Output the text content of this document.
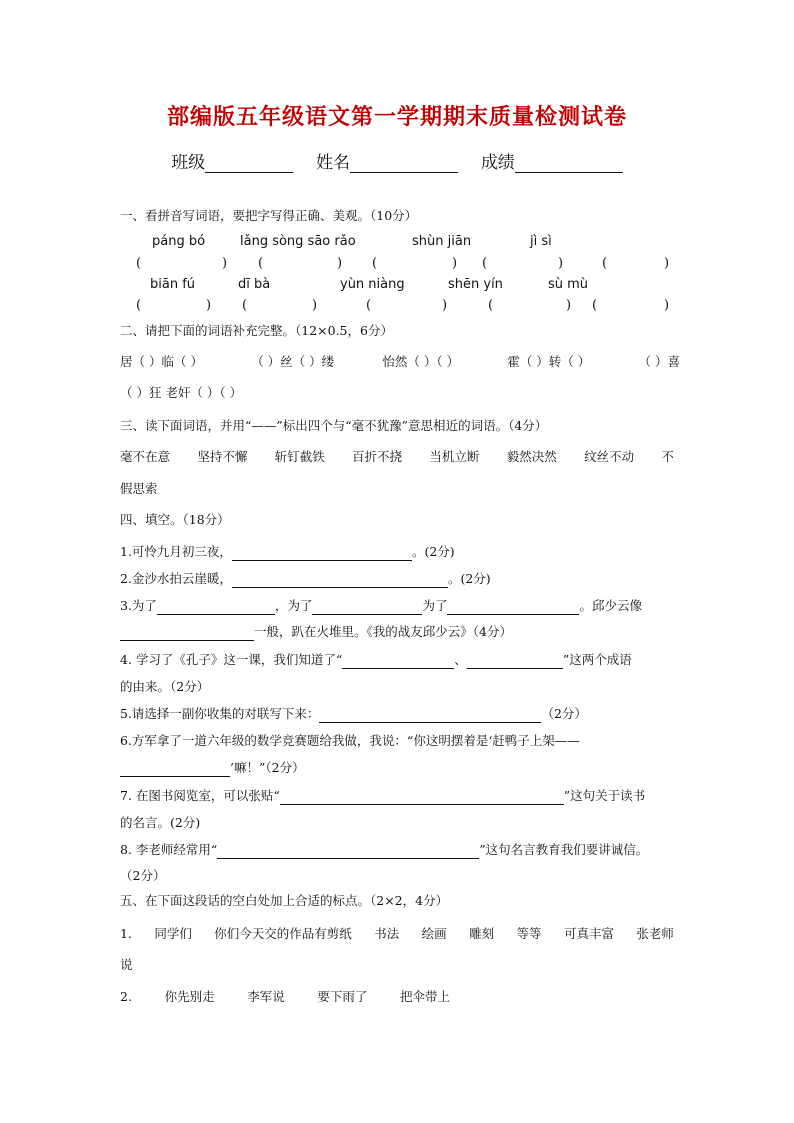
部编版五年级语文第一学期期末质量检测试卷
班级	姓名	成绩
一、看拼音写词语，要把字写得正确、美观。（10分）
páng bó	lǎng sòng sāo rǎo	shùn jiān	jì sì
(	) (	) (	) (	)	(	)
biān fú	dī bà	yùn niàng	shēn yín	sù mù
(	) (	)	(	)	(	) (	)
二、请把下面的词语补充完整。（12×0.5，6分）
居（ ）临（ ）	（ ）丝（ ）缕	怡然（ ）（ ）	霍（ ）转（ ）	（ ）喜
（ ）狂 老奸（ ）（ ）
三、读下面词语，并用“——”标出四个与“毫不犹豫”意思相近的词语。（4分）
毫不在意 坚持不懈 斩钉截铁 百折不挠 当机立断 毅然决然 纹丝不动 不
假思索
四、填空。（18分）
1.可怜九月初三夜，	。(2分)
2.金沙水拍云崖暖，	。(2分)
3.为了	，为了	为了	。邱少云像
一般，趴在火堆里。《我的战友邱少云》（4分）
4. 学习了《孔子》这一课，我们知道了“	、	”这两个成语
的由来。（2分）
5.请选择一副你收集的对联写下来：	（2分）
6.方军拿了一道六年级的数学竞赛题给我做，我说：“你这明摆着是‘赶鸭子上架——
’嘛！”（2分）
7. 在图书阅览室，可以张贴“	”这句关于读书
的名言。(2分)
8. 李老师经常用“	”这句名言教育我们要讲诚信。
（2分）
五、在下面这段话的空白处加上合适的标点。（2×2，4分）
1. 同学们 你们今天交的作品有剪纸 书法 绘画 雕刻 等等 可真丰富 张老师
说
2.	你先别走	李军说	要下雨了	把伞带上
